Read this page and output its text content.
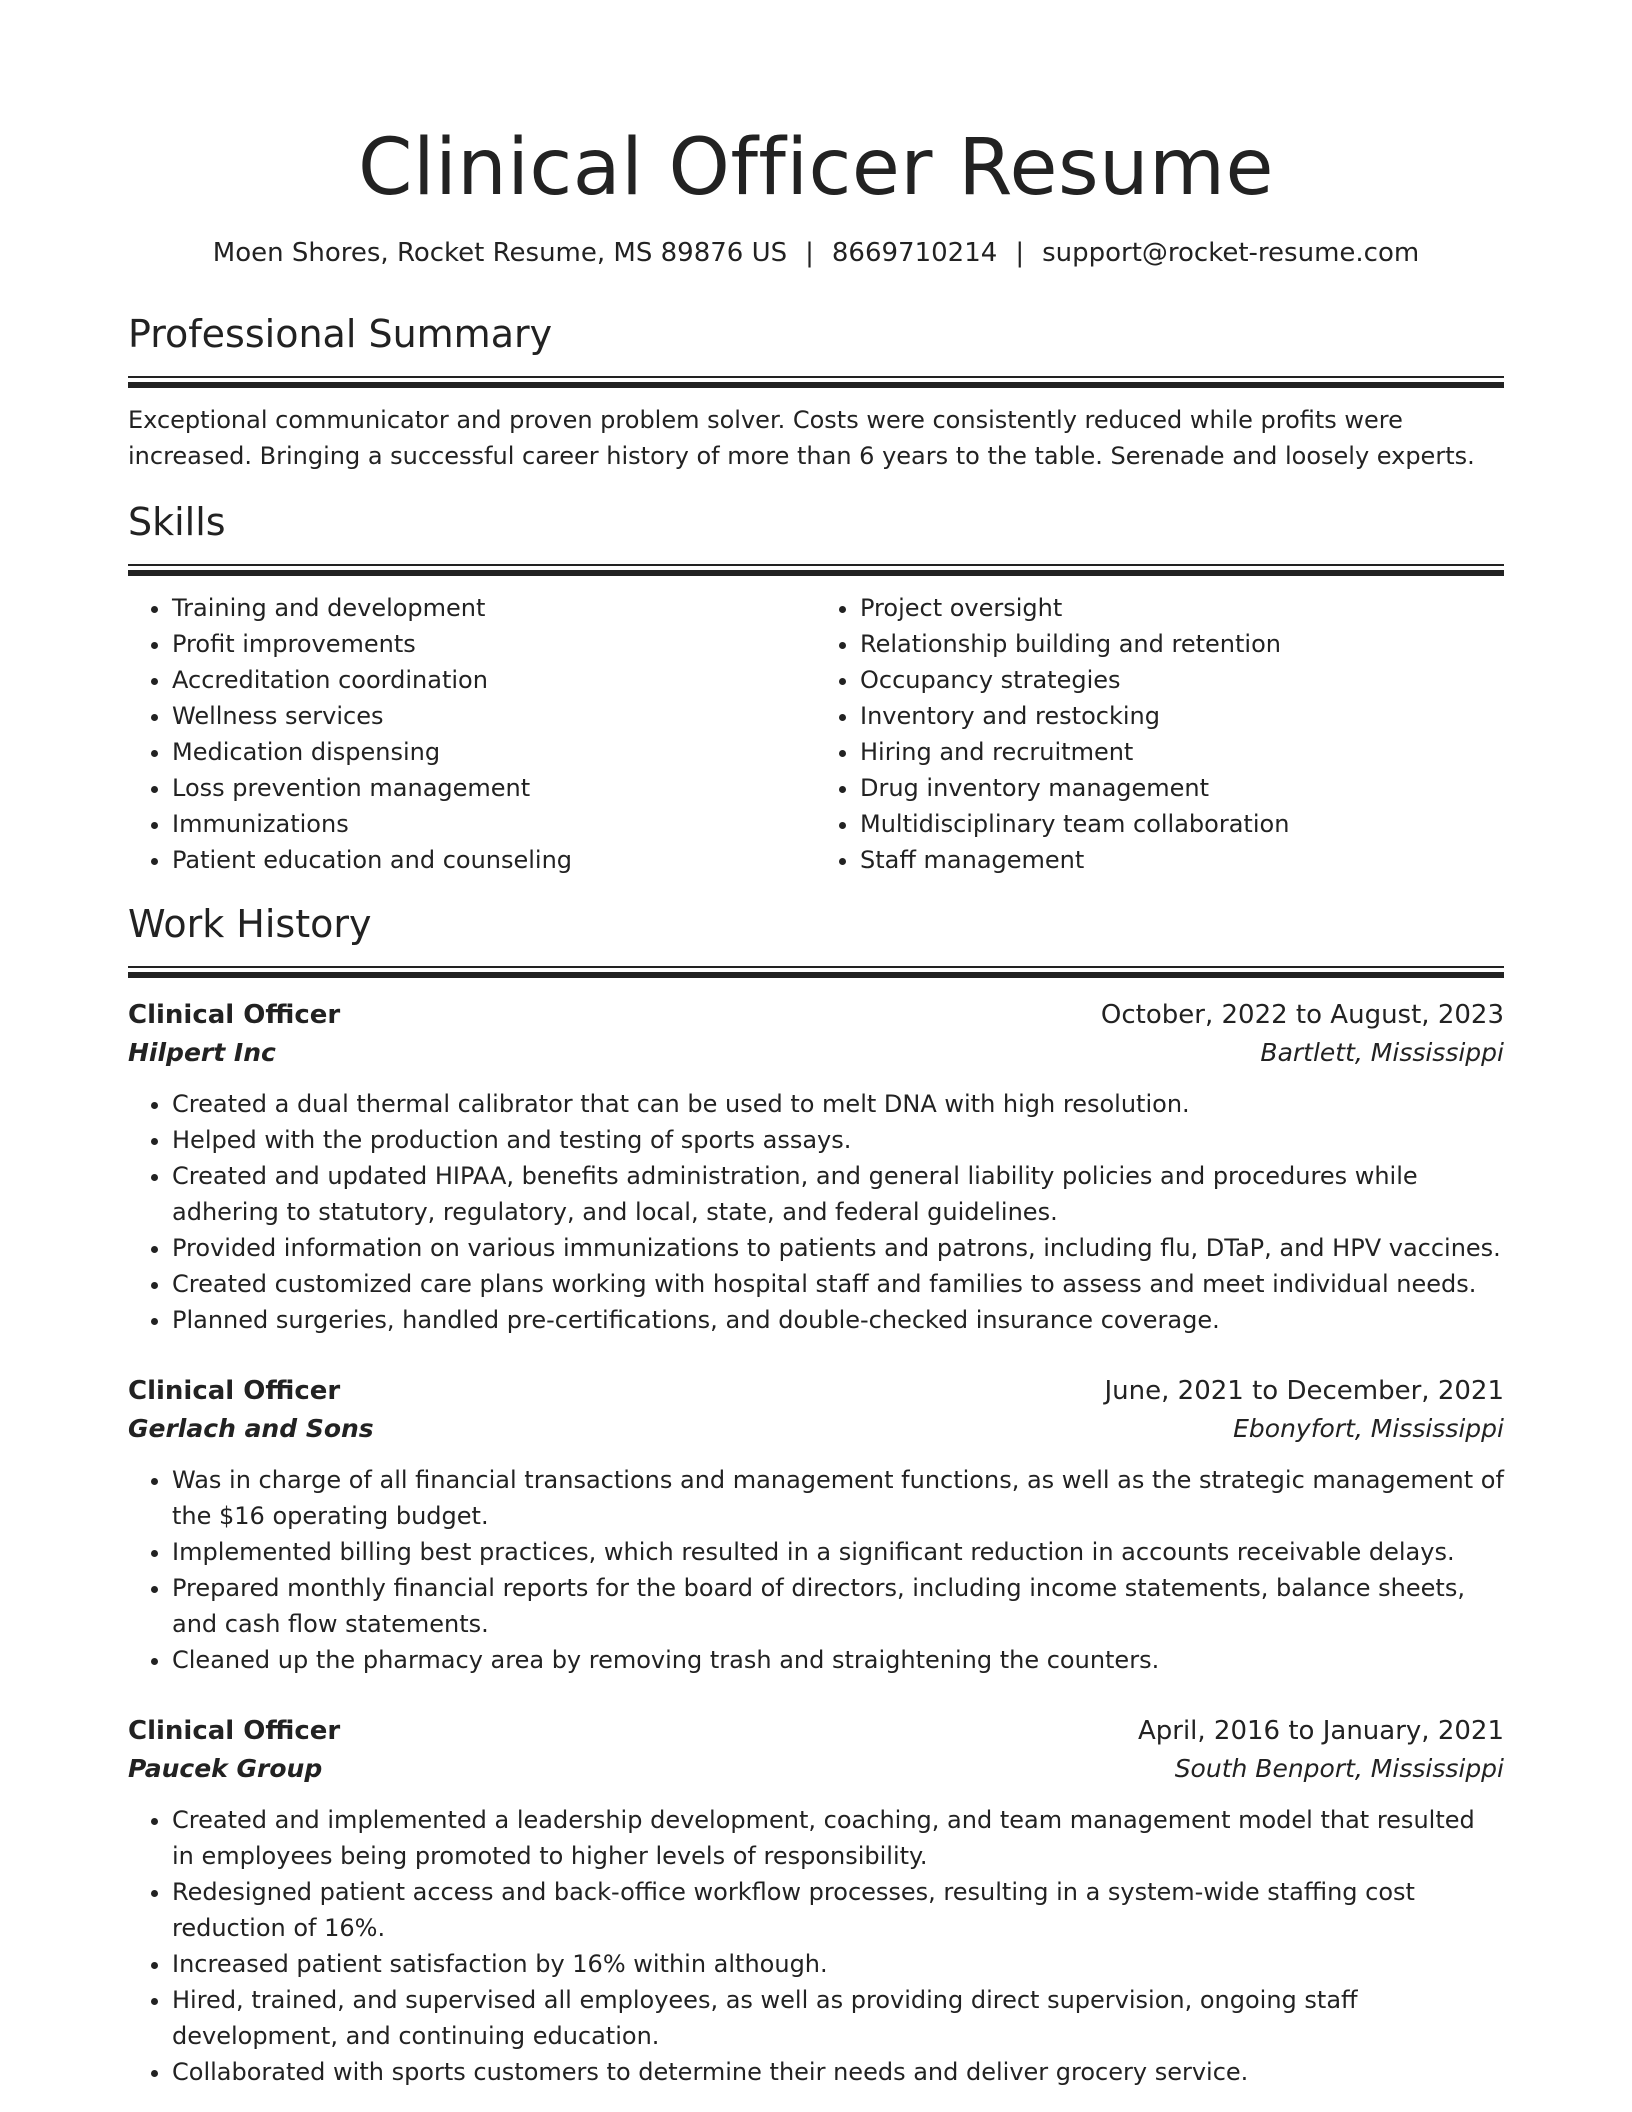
Clinical Officer Resume
Moen Shores, Rocket Resume, MS 89876 US | 8669710214 | support@rocket-resume.com
Professional Summary

Exceptional communicator and proven problem solver. Costs were consistently reduced while profits were increased. Bringing a successful career history of more than 6 years to the table. Serenade and loosely experts.

Skills
• Training and development
• Profit improvements
• Accreditation coordination
• Wellness services
• Medication dispensing
• Loss prevention management
• Immunizations
• Patient education and counseling
• Project oversight
• Relationship building and retention
• Occupancy strategies
• Inventory and restocking
• Hiring and recruitment
• Drug inventory management
• Multidisciplinary team collaboration
• Staff management
Work History
Clinical Officer	October, 2022 to August, 2023
Hilpert Inc	Bartlett, Mississippi
• Created a dual thermal calibrator that can be used to melt DNA with high resolution.
• Helped with the production and testing of sports assays.
• Created and updated HIPAA, benefits administration, and general liability policies and procedures while adhering to statutory, regulatory, and local, state, and federal guidelines.
• Provided information on various immunizations to patients and patrons, including flu, DTaP, and HPV vaccines.
• Created customized care plans working with hospital staff and families to assess and meet individual needs.
• Planned surgeries, handled pre-certifications, and double-checked insurance coverage.
Clinical Officer	June, 2021 to December, 2021
Gerlach and Sons	Ebonyfort, Mississippi
• Was in charge of all financial transactions and management functions, as well as the strategic management of the $16 operating budget.
• Implemented billing best practices, which resulted in a significant reduction in accounts receivable delays.
• Prepared monthly financial reports for the board of directors, including income statements, balance sheets, and cash flow statements.
• Cleaned up the pharmacy area by removing trash and straightening the counters.
Clinical Officer	April, 2016 to January, 2021
Paucek Group	South Benport, Mississippi
• Created and implemented a leadership development, coaching, and team management model that resulted in employees being promoted to higher levels of responsibility.
• Redesigned patient access and back-office workflow processes, resulting in a system-wide staffing cost reduction of 16%.
• Increased patient satisfaction by 16% within although.
• Hired, trained, and supervised all employees, as well as providing direct supervision, ongoing staff development, and continuing education.
• Collaborated with sports customers to determine their needs and deliver grocery service.
